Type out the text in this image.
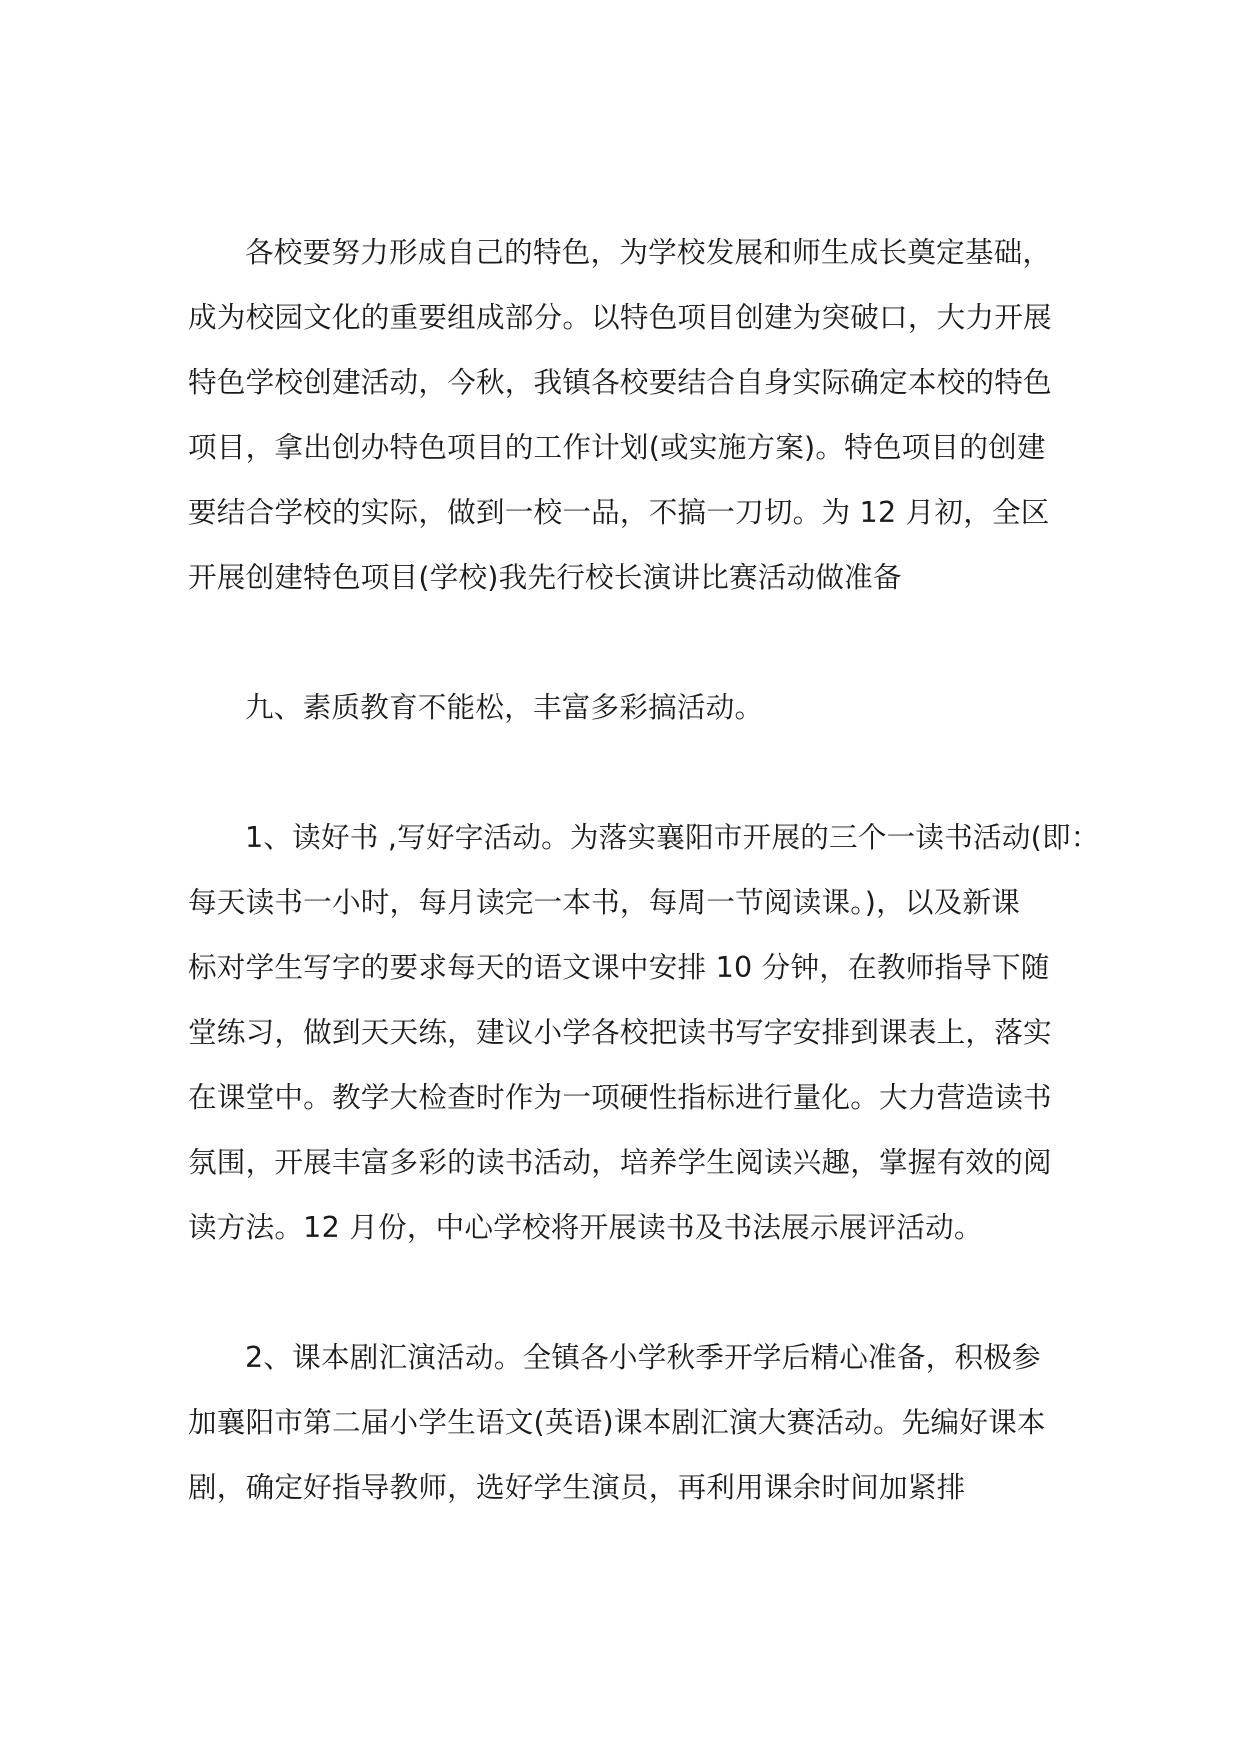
各校要努力形成自己的特色，为学校发展和师生成长奠定基础，
成为校园文化的重要组成部分。以特色项目创建为突破口，大力开展
特色学校创建活动，今秋，我镇各校要结合自身实际确定本校的特色
项目，拿出创办特色项目的工作计划(或实施方案)。特色项目的创建
要结合学校的实际，做到一校一品，不搞一刀切。为 12 月初，全区
开展创建特色项目(学校)我先行校长演讲比赛活动做准备

九、素质教育不能松，丰富多彩搞活动。

1、读好书 ,写好字活动。为落实襄阳市开展的三个一读书活动(即：
每天读书一小时，每月读完一本书，每周一节阅读课。)，以及新课
标对学生写字的要求每天的语文课中安排 10 分钟，在教师指导下随
堂练习，做到天天练，建议小学各校把读书写字安排到课表上，落实
在课堂中。教学大检查时作为一项硬性指标进行量化。大力营造读书
氛围，开展丰富多彩的读书活动，培养学生阅读兴趣，掌握有效的阅
读方法。12 月份，中心学校将开展读书及书法展示展评活动。

2、课本剧汇演活动。全镇各小学秋季开学后精心准备，积极参
加襄阳市第二届小学生语文(英语)课本剧汇演大赛活动。先编好课本
剧，确定好指导教师，选好学生演员，再利用课余时间加紧排
